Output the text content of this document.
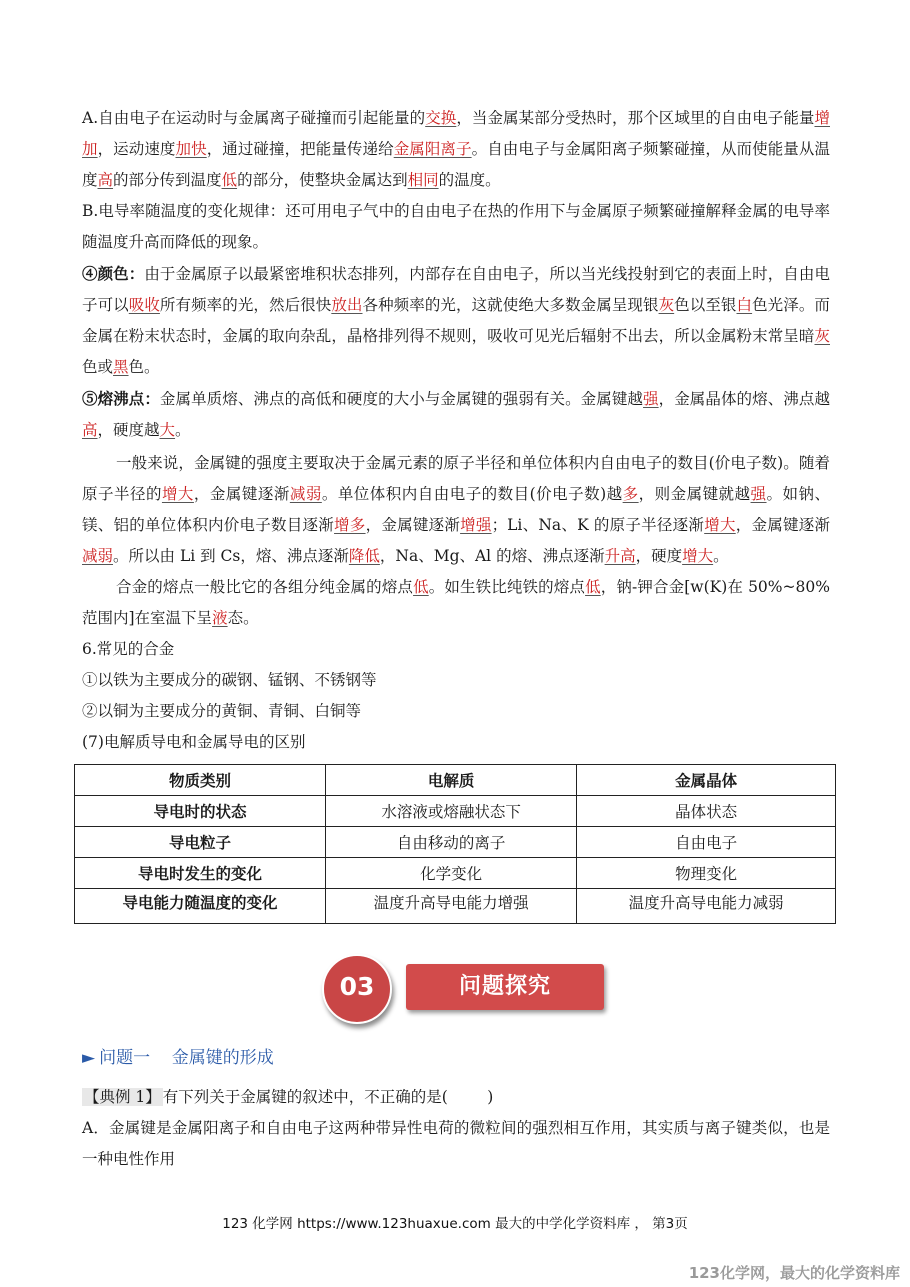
A.自由电子在运动时与金属离子碰撞而引起能量的交换，当金属某部分受热时，那个区域里的自由电子能量增加，运动速度加快，通过碰撞，把能量传递给金属阳离子。自由电子与金属阳离子频繁碰撞，从而使能量从温度高的部分传到温度低的部分，使整块金属达到相同的温度。

B.电导率随温度的变化规律：还可用电子气中的自由电子在热的作用下与金属原子频繁碰撞解释金属的电导率随温度升高而降低的现象。

④颜色：由于金属原子以最紧密堆积状态排列，内部存在自由电子，所以当光线投射到它的表面上时，自由电子可以吸收所有频率的光，然后很快放出各种频率的光，这就使绝大多数金属呈现银灰色以至银白色光泽。而金属在粉末状态时，金属的取向杂乱，晶格排列得不规则，吸收可见光后辐射不出去，所以金属粉末常呈暗灰色或黑色。

⑤熔沸点：金属单质熔、沸点的高低和硬度的大小与金属键的强弱有关。金属键越强，金属晶体的熔、沸点越高，硬度越大。

一般来说，金属键的强度主要取决于金属元素的原子半径和单位体积内自由电子的数目(价电子数)。随着原子半径的增大，金属键逐渐减弱。单位体积内自由电子的数目(价电子数)越多，则金属键就越强。如钠、镁、铝的单位体积内价电子数目逐渐增多，金属键逐渐增强；Li、Na、K 的原子半径逐渐增大，金属键逐渐减弱。所以由 Li 到 Cs，熔、沸点逐渐降低，Na、Mg、Al 的熔、沸点逐渐升高，硬度增大。

合金的熔点一般比它的各组分纯金属的熔点低。如生铁比纯铁的熔点低，钠-钾合金[w(K)在 50%~80%范围内]在室温下呈液态。

6.常见的合金

①以铁为主要成分的碳钢、锰钢、不锈钢等

②以铜为主要成分的黄铜、青铜、白铜等

(7)电解质导电和金属导电的区别

物质类别	电解质	金属晶体
导电时的状态	水溶液或熔融状态下	晶体状态
导电粒子	自由移动的离子	自由电子
导电时发生的变化	化学变化	物理变化
导电能力随温度的变化	温度升高导电能力增强	温度升高导电能力减弱
03	问题探究
► 问题一    金属键的形成
【典例 1】 有下列关于金属键的叙述中，不正确的是(        )

A．金属键是金属阳离子和自由电子这两种带异性电荷的微粒间的强烈相互作用，其实质与离子键类似，也是一种电性作用

123 化学网 https://www.123huaxue.com 最大的中学化学资料库 ， 第3页
123化学网，最大的化学资料库
